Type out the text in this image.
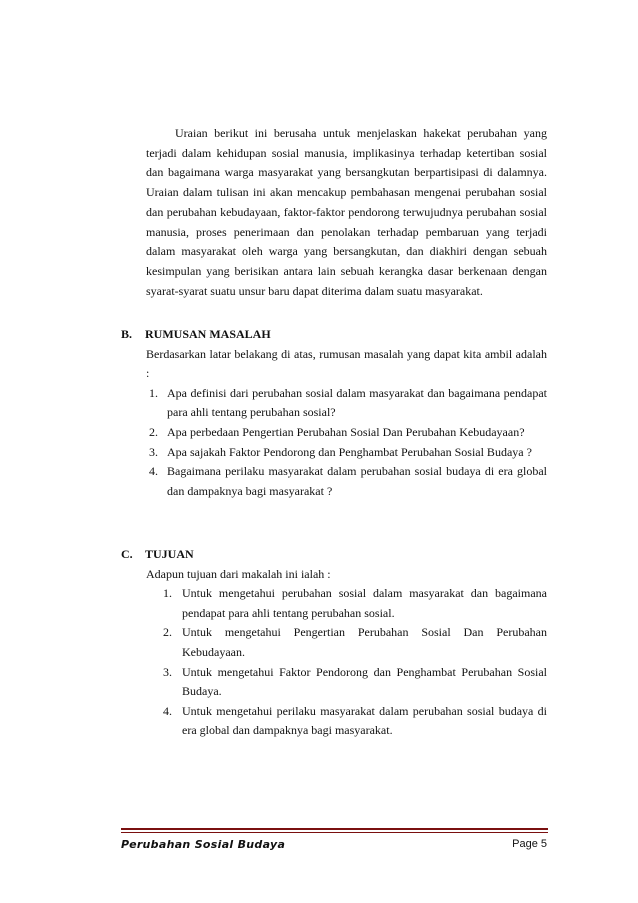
Uraian berikut ini berusaha untuk menjelaskan hakekat perubahan yang terjadi dalam kehidupan sosial manusia, implikasinya terhadap ketertiban sosial dan bagaimana warga masyarakat yang bersangkutan berpartisipasi di dalamnya. Uraian dalam tulisan ini akan mencakup pembahasan mengenai perubahan sosial dan perubahan kebudayaan, faktor-faktor pendorong terwujudnya perubahan sosial manusia, proses penerimaan dan penolakan terhadap pembaruan yang terjadi dalam masyarakat oleh warga yang bersangkutan, dan diakhiri dengan sebuah kesimpulan yang berisikan antara lain sebuah kerangka dasar berkenaan dengan syarat-syarat suatu unsur baru dapat diterima dalam suatu masyarakat.

B. RUMUSAN MASALAH
Berdasarkan latar belakang di atas, rumusan masalah yang dapat kita ambil adalah :
1. Apa definisi dari perubahan sosial dalam masyarakat dan bagaimana pendapat para ahli tentang perubahan sosial?
2. Apa perbedaan Pengertian Perubahan Sosial Dan Perubahan Kebudayaan?
3. Apa sajakah Faktor Pendorong dan Penghambat Perubahan Sosial Budaya ?
4. Bagaimana perilaku masyarakat dalam perubahan sosial budaya di era global dan dampaknya bagi masyarakat ?
C. TUJUAN
Adapun tujuan dari makalah ini ialah :
1. Untuk mengetahui perubahan sosial dalam masyarakat dan bagaimana pendapat para ahli tentang perubahan sosial.
2. Untuk mengetahui Pengertian Perubahan Sosial Dan Perubahan Kebudayaan.
3. Untuk mengetahui Faktor Pendorong dan Penghambat Perubahan Sosial Budaya.
4. Untuk mengetahui perilaku masyarakat dalam perubahan sosial budaya di era global dan dampaknya bagi masyarakat.
Perubahan Sosial Budaya	Page 5
